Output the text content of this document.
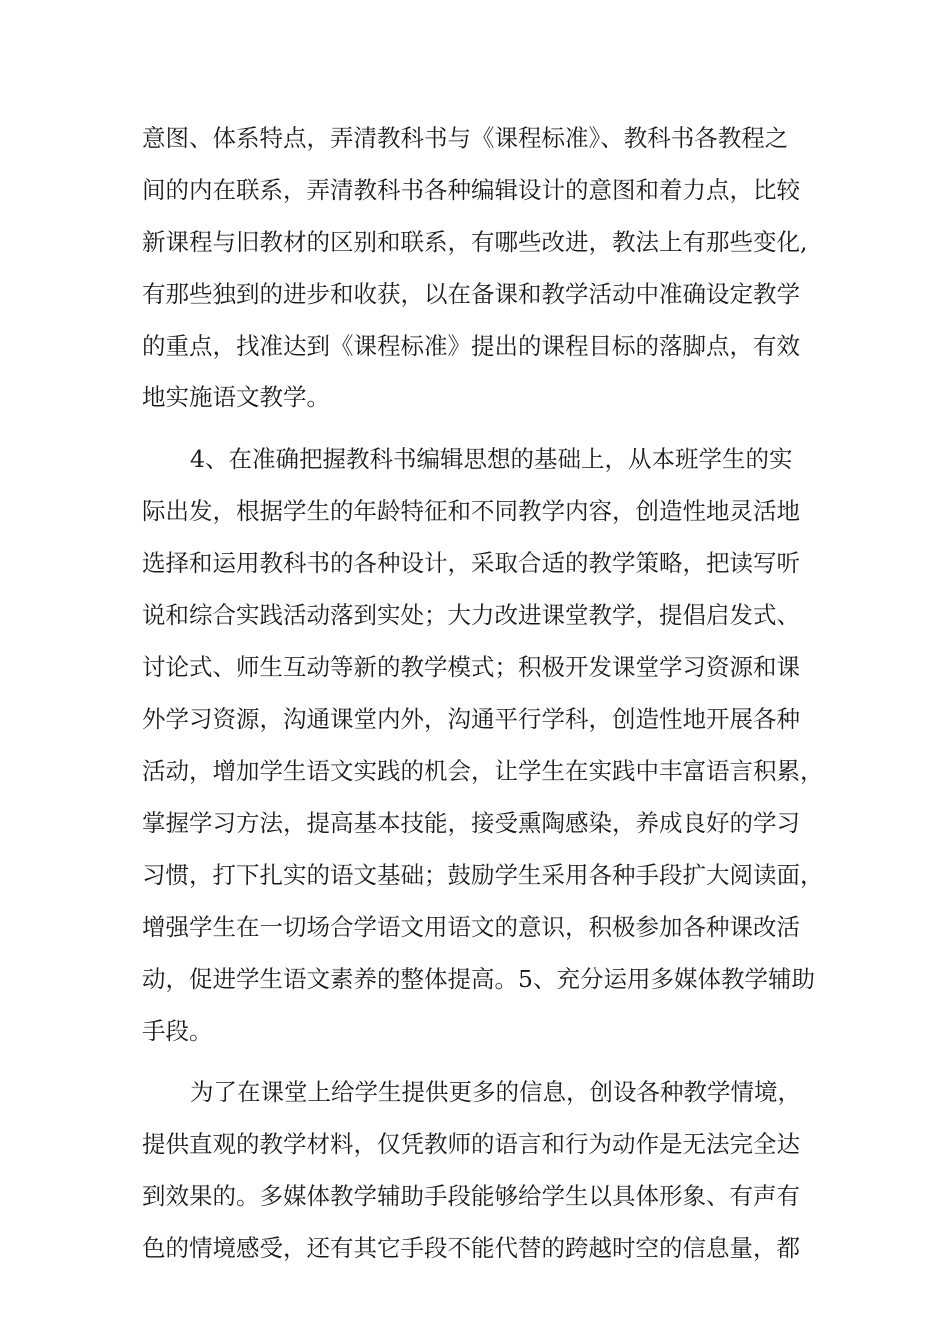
意图、体系特点，弄清教科书与《课程标准》、教科书各教程之
间的内在联系，弄清教科书各种编辑设计的意图和着力点，比较
新课程与旧教材的区别和联系，有哪些改进，教法上有那些变化,
有那些独到的进步和收获，以在备课和教学活动中准确设定教学
的重点，找准达到《课程标准》提出的课程目标的落脚点，有效
地实施语文教学。
4、在准确把握教科书编辑思想的基础上，从本班学生的实
际出发，根据学生的年龄特征和不同教学内容，创造性地灵活地
选择和运用教科书的各种设计，采取合适的教学策略，把读写听
说和综合实践活动落到实处；大力改进课堂教学，提倡启发式、
讨论式、师生互动等新的教学模式；积极开发课堂学习资源和课
外学习资源，沟通课堂内外，沟通平行学科，创造性地开展各种
活动，增加学生语文实践的机会，让学生在实践中丰富语言积累，
掌握学习方法，提高基本技能，接受熏陶感染，养成良好的学习
习惯，打下扎实的语文基础；鼓励学生采用各种手段扩大阅读面，
增强学生在一切场合学语文用语文的意识，积极参加各种课改活
动，促进学生语文素养的整体提高。5、充分运用多媒体教学辅助
手段。
为了在课堂上给学生提供更多的信息，创设各种教学情境，
提供直观的教学材料，仅凭教师的语言和行为动作是无法完全达
到效果的。多媒体教学辅助手段能够给学生以具体形象、有声有
色的情境感受，还有其它手段不能代替的跨越时空的信息量，都
